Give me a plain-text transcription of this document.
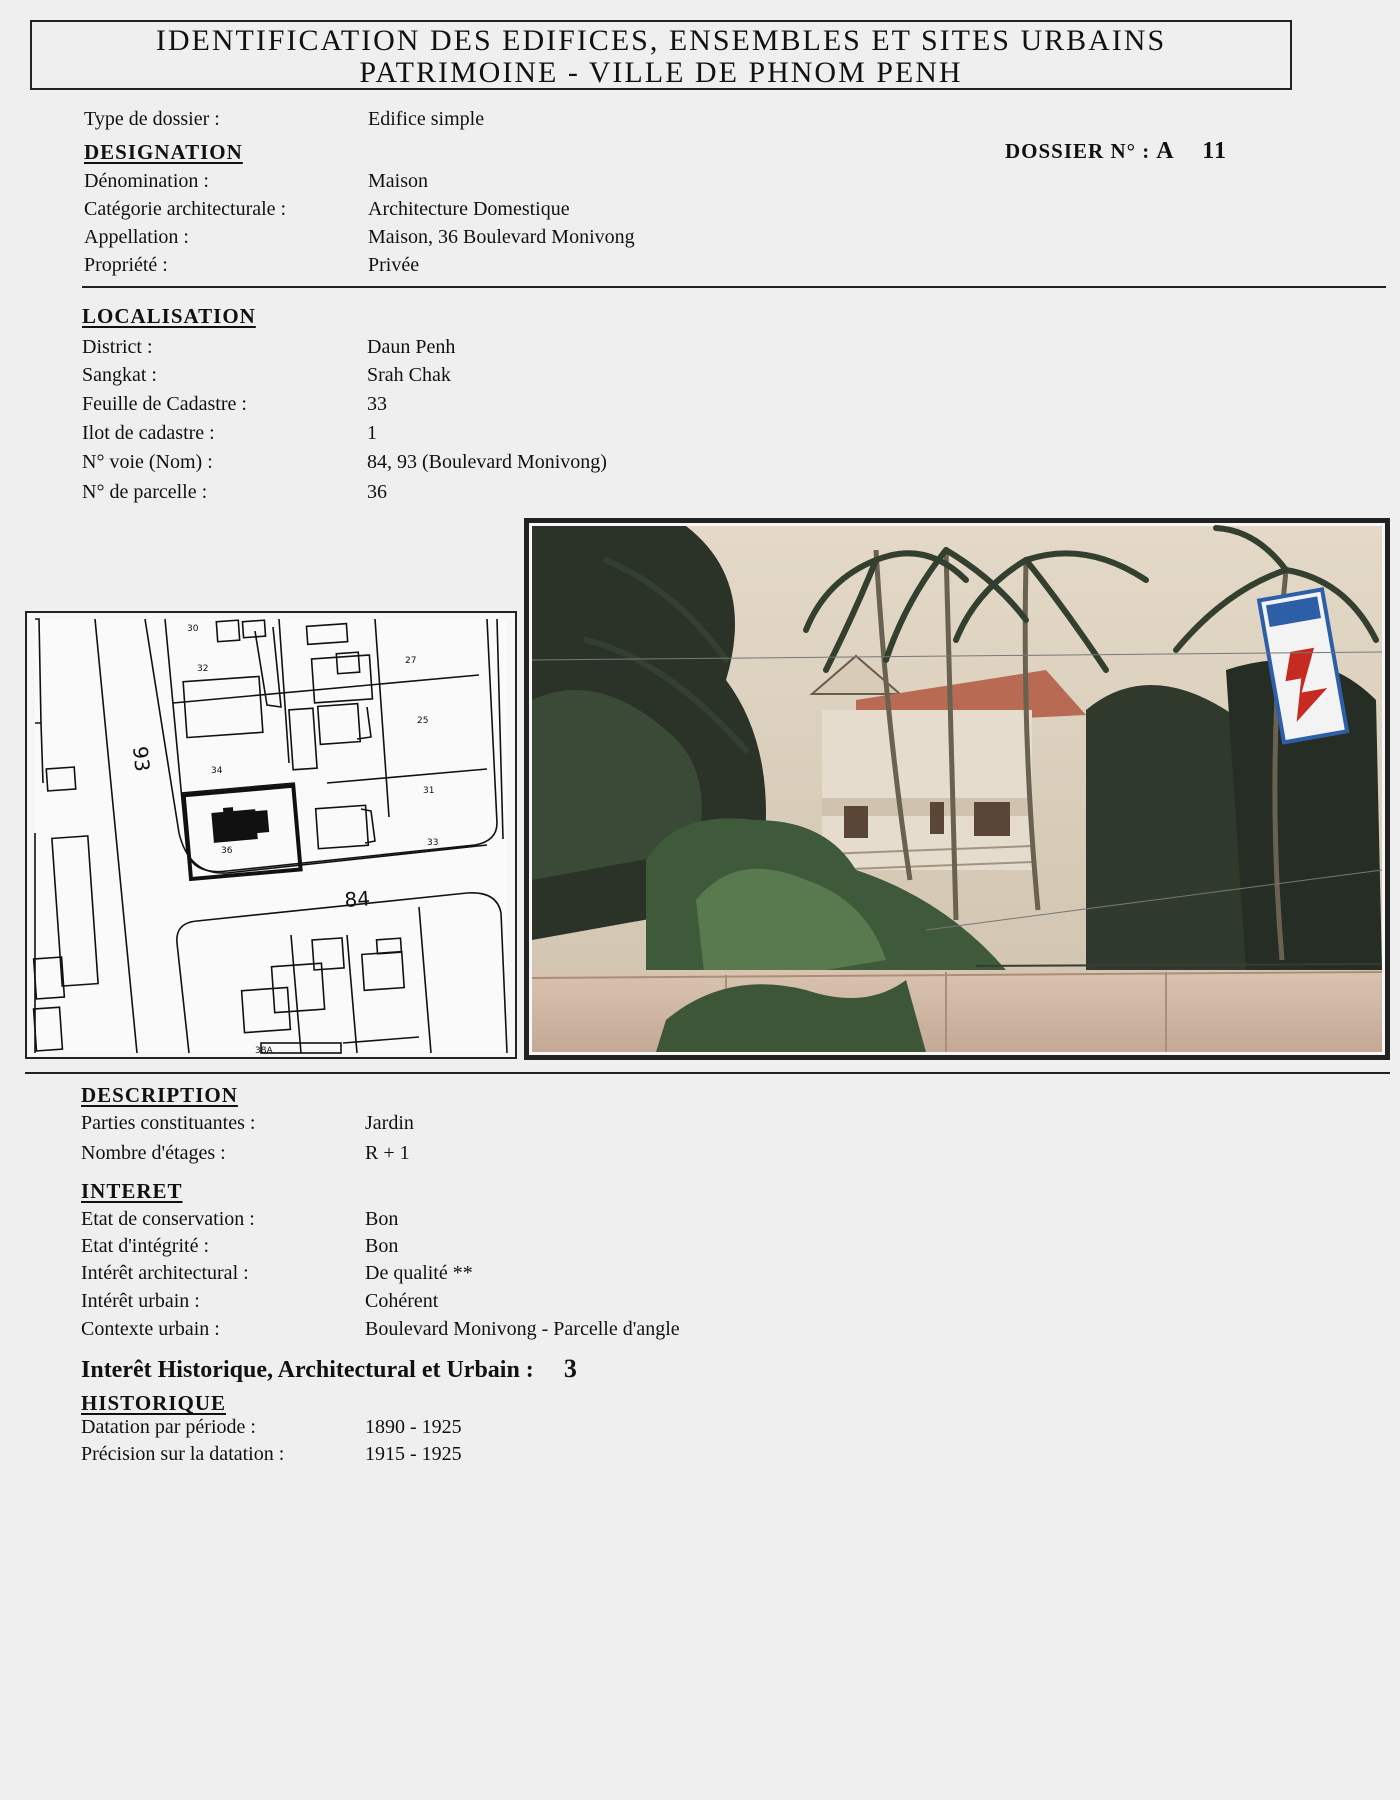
IDENTIFICATION DES EDIFICES, ENSEMBLES ET SITES URBAINS
PATRIMOINE - VILLE DE PHNOM PENH
Type de dossier :	Edifice simple
DESIGNATION	DOSSIER N° : A 11
Dénomination :	Maison
Catégorie architecturale :	Architecture Domestique
Appellation :	Maison, 36 Boulevard Monivong
Propriété :	Privée
LOCALISATION
District :	Daun Penh
Sangkat :	Srah Chak
Feuille de Cadastre :	33
Ilot de cadastre :	1
N° voie (Nom) :	84, 93 (Boulevard Monivong)
N° de parcelle :	36
93
84
30
32
27
25
34
31
36
33
38A
DESCRIPTION
Parties constituantes :	Jardin
Nombre d'étages :	R + 1
INTERET
Etat de conservation :	Bon
Etat d'intégrité :	Bon
Intérêt architectural :	De qualité **
Intérêt urbain :	Cohérent
Contexte urbain :	Boulevard Monivong - Parcelle d'angle
Interêt Historique, Architectural et Urbain : 3
HISTORIQUE
Datation par période :	1890 - 1925
Précision sur la datation :	1915 - 1925
